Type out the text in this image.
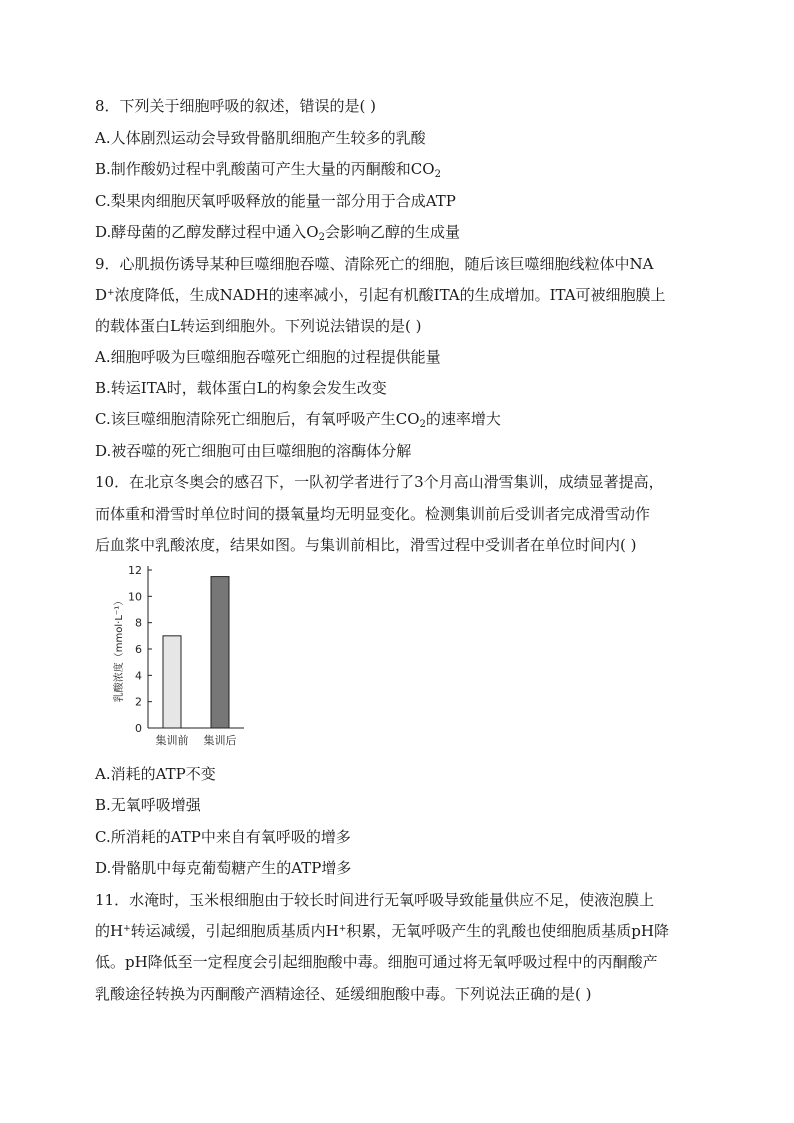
8．下列关于细胞呼吸的叙述，错误的是( )
A.人体剧烈运动会导致骨骼肌细胞产生较多的乳酸
B.制作酸奶过程中乳酸菌可产生大量的丙酮酸和$CO_2$
C.梨果肉细胞厌氧呼吸释放的能量一部分用于合成ATP
D.酵母菌的乙醇发酵过程中通入$O_2$会影响乙醇的生成量
9．心肌损伤诱导某种巨噬细胞吞噬、清除死亡的细胞，随后该巨噬细胞线粒体中NA
D+浓度降低，生成NADH的速率减小，引起有机酸ITA的生成增加。ITA可被细胞膜上
的载体蛋白L转运到细胞外。下列说法错误的是( )
A.细胞呼吸为巨噬细胞吞噬死亡细胞的过程提供能量
B.转运ITA时，载体蛋白L的构象会发生改变
C.该巨噬细胞清除死亡细胞后，有氧呼吸产生$CO_2$的速率增大
D.被吞噬的死亡细胞可由巨噬细胞的溶酶体分解
10．在北京冬奥会的感召下，一队初学者进行了3个月高山滑雪集训，成绩显著提高，
而体重和滑雪时单位时间的摄氧量均无明显变化。检测集训前后受训者完成滑雪动作
后血浆中乳酸浓度，结果如图。与集训前相比，滑雪过程中受训者在单位时间内( )
0
2
4
6
8
10
12
乳酸浓度（mmol·L⁻¹）
集训前 集训后
A.消耗的ATP不变
B.无氧呼吸增强
C.所消耗的ATP中来自有氧呼吸的增多
D.骨骼肌中每克葡萄糖产生的ATP增多
11．水淹时，玉米根细胞由于较长时间进行无氧呼吸导致能量供应不足，使液泡膜上
的H+转运减缓，引起细胞质基质内H+积累，无氧呼吸产生的乳酸也使细胞质基质pH降
低。pH降低至一定程度会引起细胞酸中毒。细胞可通过将无氧呼吸过程中的丙酮酸产
乳酸途径转换为丙酮酸产酒精途径、延缓细胞酸中毒。下列说法正确的是( )
